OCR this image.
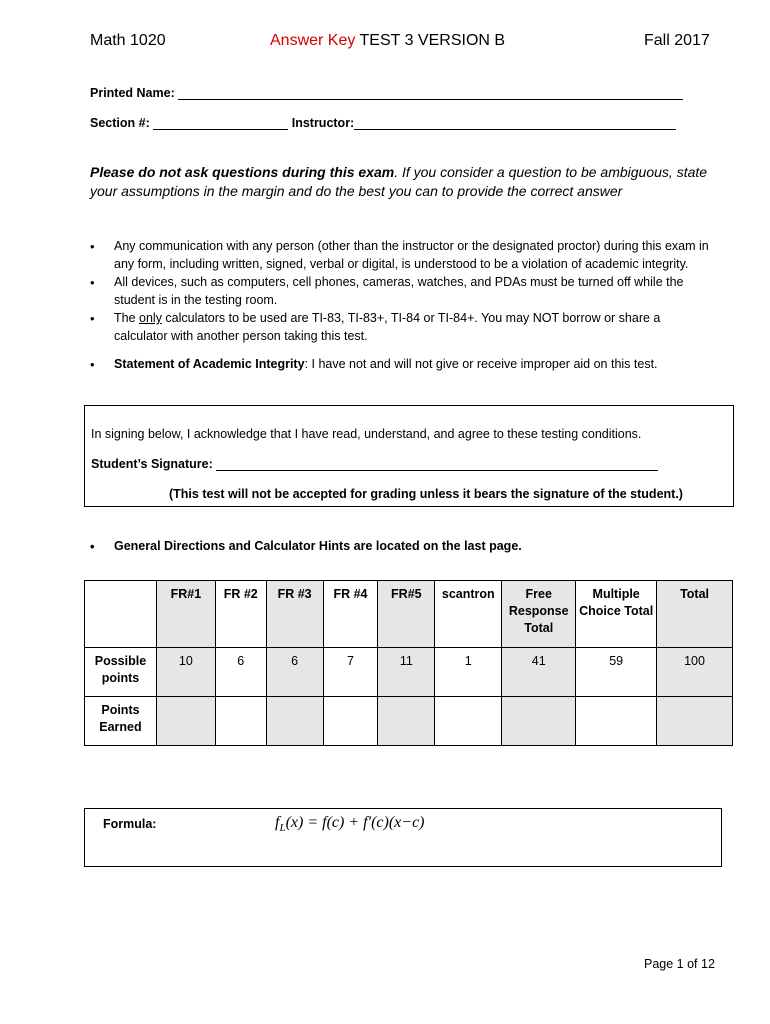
Math 1020	Answer Key TEST 3 VERSION B	Fall 2017
Printed Name:
Section #:	Instructor:
Please do not ask questions during this exam. If you consider a question to be ambiguous, state your assumptions in the margin and do the best you can to provide the correct answer
• Any communication with any person (other than the instructor or the designated proctor) during this exam in any form, including written, signed, verbal or digital, is understood to be a violation of academic integrity.
• All devices, such as computers, cell phones, cameras, watches, and PDAs must be turned off while the student is in the testing room.
• The only calculators to be used are TI-83, TI-83+, TI-84 or TI-84+. You may NOT borrow or share a calculator with another person taking this test.
• Statement of Academic Integrity: I have not and will not give or receive improper aid on this test.
In signing below, I acknowledge that I have read, understand, and agree to these testing conditions.
Student’s Signature:
(This test will not be accepted for grading unless it bears the signature of the student.)
• General Directions and Calculator Hints are located on the last page.
	FR#1	FR #2	FR #3	FR #4	FR#5	scantron	Free Response Total	Multiple Choice Total	Total
Possible points	10	6	6	7	11	1	41	59	100
Points Earned									
Formula:	$f_L(x) = f(c) + f'(c)(x-c)$
Page 1 of 12
